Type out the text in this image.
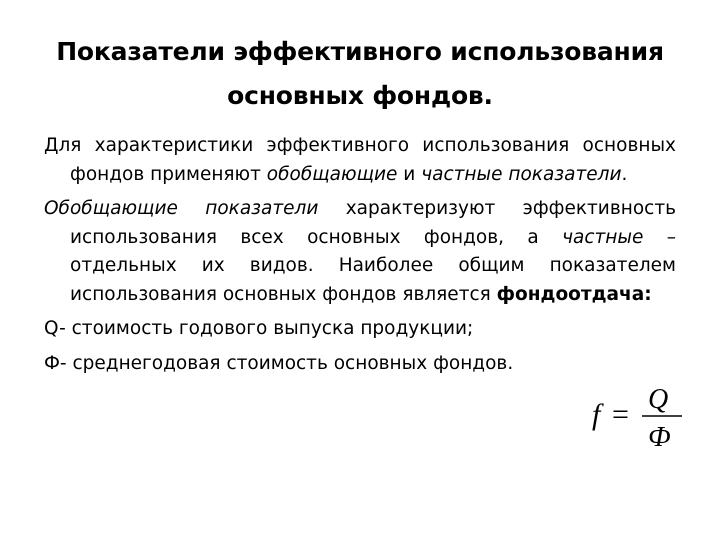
Показатели эффективного использования
основных фондов.

Для характеристики эффективного использования основных фондов применяют обобщающие и частные показатели.

Обобщающие показатели характеризуют эффективность использования всех основных фондов, а частные – отдельных их видов. Наиболее общим показателем использования основных фондов является фондоотдача:

Q- стоимость годового выпуска продукции;

Ф- среднегодовая стоимость основных фондов.

f = Q
Ф
